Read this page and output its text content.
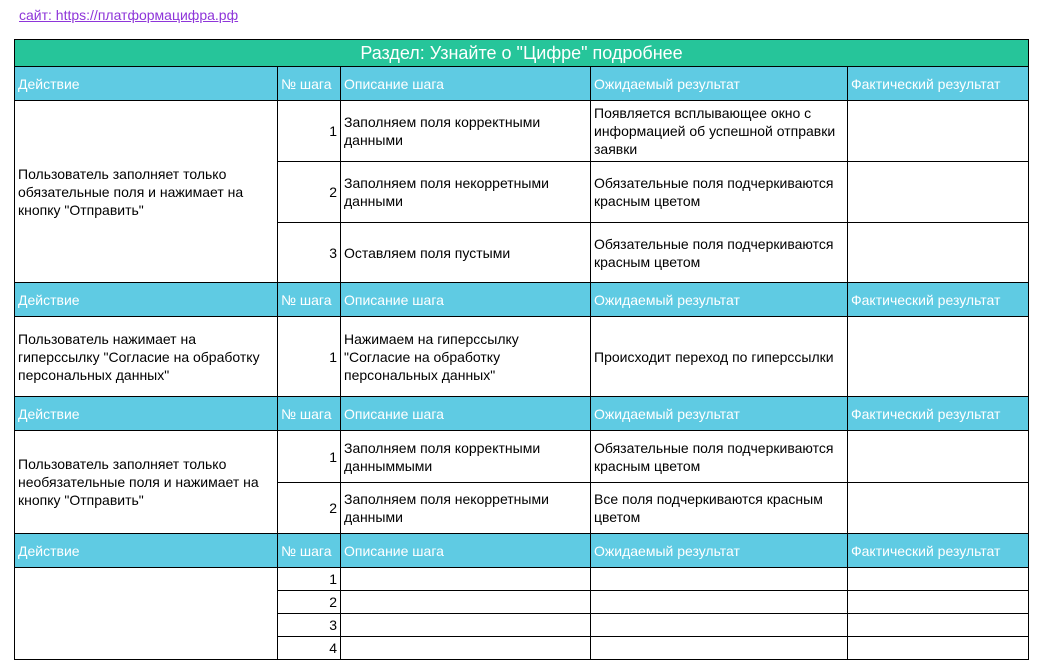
сайт: https://платформацифра.рф
Раздел: Узнайте о "Цифре" подробнее				
Действие	№ шага	Описание шага	Ожидаемый результат	Фактический результат
Пользователь заполняет только обязательные поля и нажимает на кнопку "Отправить"	1	Заполняем поля корректными данными	Появляется всплывающее окно с информацией об успешной отправки заявки	
	2	Заполняем поля некорретными данными	Обязательные поля подчеркиваются красным цветом	
	3	Оставляем поля пустыми	Обязательные поля подчеркиваются красным цветом	
Действие	№ шага	Описание шага	Ожидаемый результат	Фактический результат
Пользователь нажимает на гиперссылку "Согласие на обработку персональных данных"	1	Нажимаем на гиперссылку "Согласие на обработку персональных данных"	Происходит переход по гиперссылки	
Действие	№ шага	Описание шага	Ожидаемый результат	Фактический результат
Пользователь заполняет только необязательные поля и нажимает на кнопку "Отправить"	1	Заполняем поля корректными данныммыми	Обязательные поля подчеркиваются красным цветом	
	2	Заполняем поля некорретными данными	Все поля подчеркиваются красным цветом	
Действие	№ шага	Описание шага	Ожидаемый результат	Фактический результат
	1			
	2			
	3			
	4			
